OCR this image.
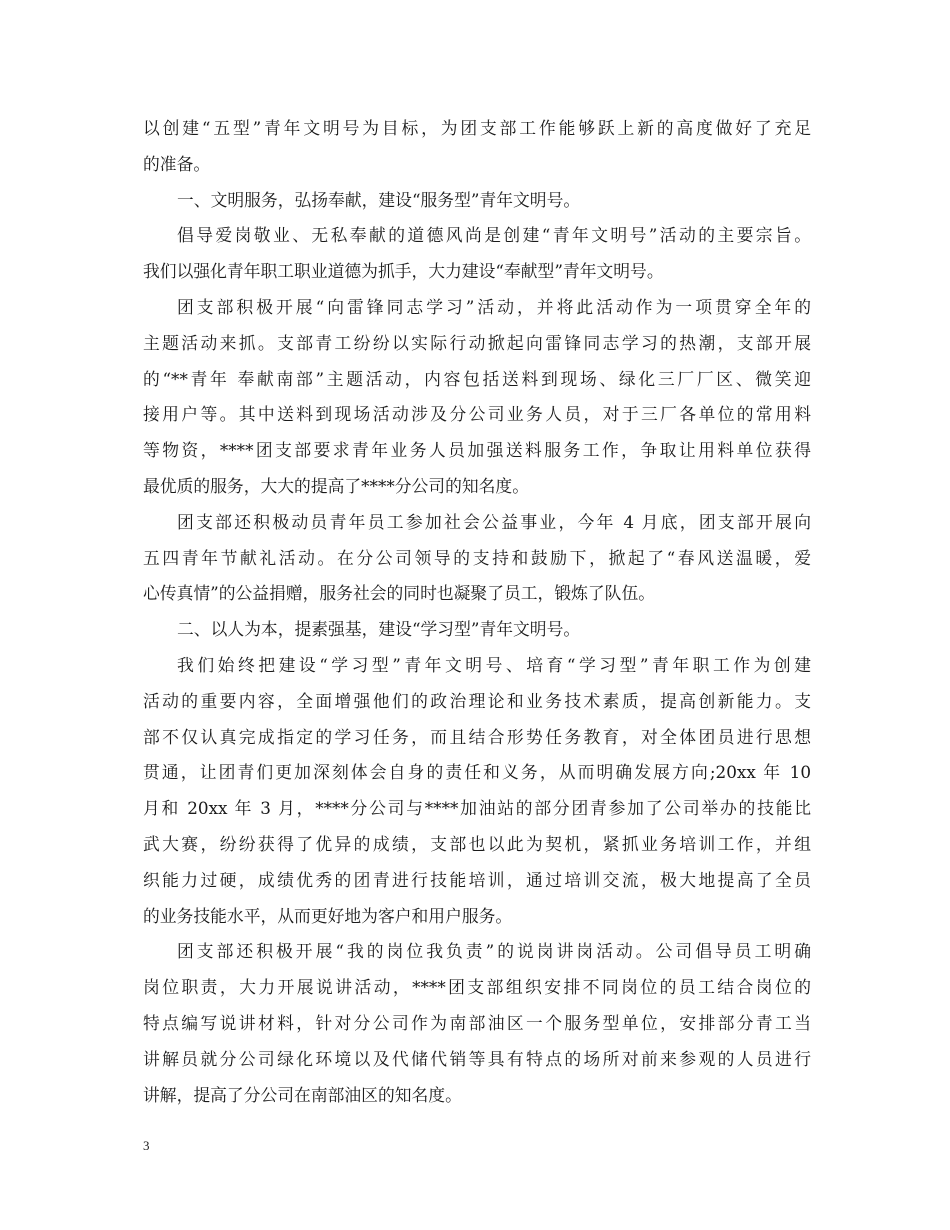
以创建“五型”青年文明号为目标，为团支部工作能够跃上新的高度做好了充足
的准备。
一、文明服务，弘扬奉献，建设“服务型”青年文明号。
倡导爱岗敬业、无私奉献的道德风尚是创建“青年文明号”活动的主要宗旨。
我们以强化青年职工职业道德为抓手，大力建设“奉献型”青年文明号。
团支部积极开展“向雷锋同志学习”活动，并将此活动作为一项贯穿全年的
主题活动来抓。支部青工纷纷以实际行动掀起向雷锋同志学习的热潮，支部开展
的“**青年 奉献南部”主题活动，内容包括送料到现场、绿化三厂厂区、微笑迎
接用户等。其中送料到现场活动涉及分公司业务人员，对于三厂各单位的常用料
等物资，****团支部要求青年业务人员加强送料服务工作，争取让用料单位获得
最优质的服务，大大的提高了****分公司的知名度。
团支部还积极动员青年员工参加社会公益事业，今年 4 月底，团支部开展向
五四青年节献礼活动。在分公司领导的支持和鼓励下，掀起了“春风送温暖，爱
心传真情”的公益捐赠，服务社会的同时也凝聚了员工，锻炼了队伍。
二、以人为本，提素强基，建设“学习型”青年文明号。
我们始终把建设“学习型”青年文明号、培育“学习型”青年职工作为创建
活动的重要内容，全面增强他们的政治理论和业务技术素质，提高创新能力。支
部不仅认真完成指定的学习任务，而且结合形势任务教育，对全体团员进行思想
贯通，让团青们更加深刻体会自身的责任和义务，从而明确发展方向;20xx 年 10
月和 20xx 年 3 月，****分公司与****加油站的部分团青参加了公司举办的技能比
武大赛，纷纷获得了优异的成绩，支部也以此为契机，紧抓业务培训工作，并组
织能力过硬，成绩优秀的团青进行技能培训，通过培训交流，极大地提高了全员
的业务技能水平，从而更好地为客户和用户服务。
团支部还积极开展“我的岗位我负责”的说岗讲岗活动。公司倡导员工明确
岗位职责，大力开展说讲活动，****团支部组织安排不同岗位的员工结合岗位的
特点编写说讲材料，针对分公司作为南部油区一个服务型单位，安排部分青工当
讲解员就分公司绿化环境以及代储代销等具有特点的场所对前来参观的人员进行
讲解，提高了分公司在南部油区的知名度。
3
